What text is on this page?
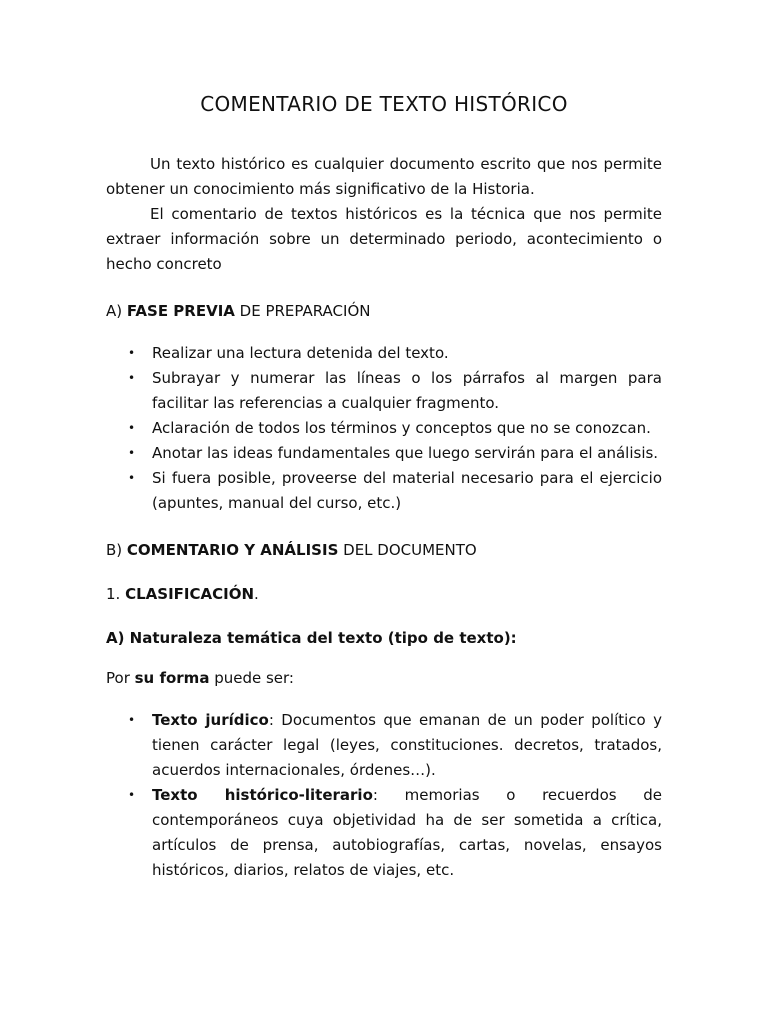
COMENTARIO DE TEXTO HISTÓRICO

Un texto histórico es cualquier documento escrito que nos permite obtener un conocimiento más significativo de la Historia.

El comentario de textos históricos es la técnica que nos permite extraer información sobre un determinado periodo, acontecimiento o hecho concreto

A) FASE PREVIA DE PREPARACIÓN
• Realizar una lectura detenida del texto.
• Subrayar y numerar las líneas o los párrafos al margen para facilitar las referencias a cualquier fragmento.
• Aclaración de todos los términos y conceptos que no se conozcan.
• Anotar las ideas fundamentales que luego servirán para el análisis.
• Si fuera posible, proveerse del material necesario para el ejercicio (apuntes, manual del curso, etc.)
B) COMENTARIO Y ANÁLISIS DEL DOCUMENTO
1. CLASIFICACIÓN.
A) Naturaleza temática del texto (tipo de texto):
Por su forma puede ser:
• Texto jurídico: Documentos que emanan de un poder político y tienen carácter legal (leyes, constituciones. decretos, tratados, acuerdos internacionales, órdenes…).
• Texto histórico-literario: memorias o recuerdos de contemporáneos cuya objetividad ha de ser sometida a crítica, artículos de prensa, autobiografías, cartas, novelas, ensayos históricos, diarios, relatos de viajes, etc.
